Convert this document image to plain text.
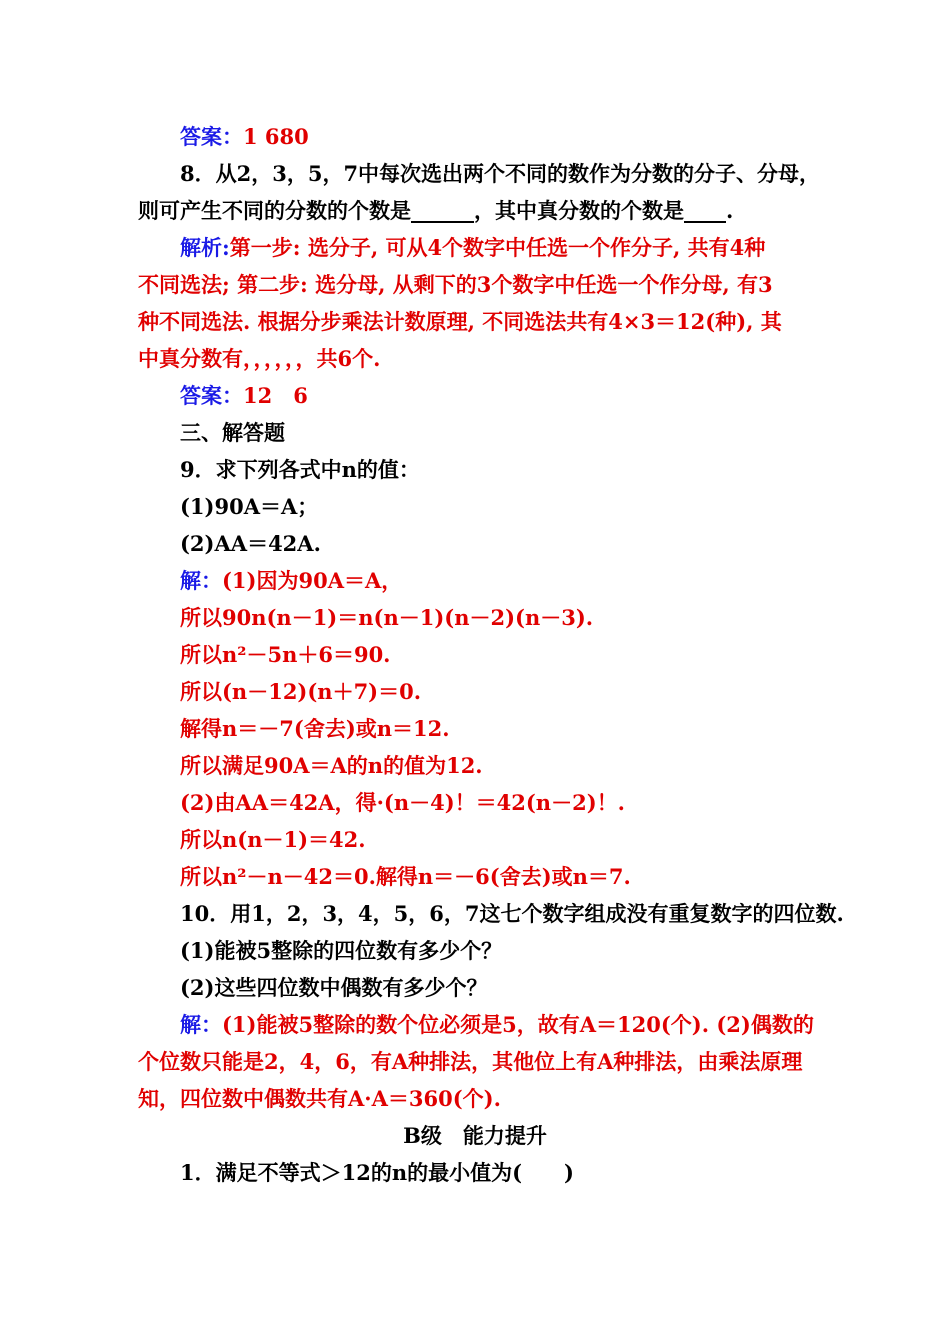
答案：1 680
8．从2，3，5，7中每次选出两个不同的数作为分数的分子、分母，
则可产生不同的分数的个数是______，其中真分数的个数是____.
解析:第一步: 选分子, 可从4个数字中任选一个作分子, 共有4种
不同选法; 第二步: 选分母, 从剩下的3个数字中任选一个作分母, 有3
种不同选法. 根据分步乘法计数原理, 不同选法共有4×3＝12(种), 其
中真分数有，，，，，，共6个.
答案：12　6
三、解答题
9．求下列各式中n的值：
(1)90A＝A；
(2)AA＝42A.
解：(1)因为90A＝A，
所以90n(n－1)＝n(n－1)(n－2)(n－3).
所以n²－5n＋6＝90.
所以(n－12)(n＋7)＝0.
解得n＝－7(舍去)或n＝12.
所以满足90A＝A的n的值为12.
(2)由AA＝42A，得·(n－4)！＝42(n－2)！.
所以n(n－1)＝42.
所以n²－n－42＝0.解得n＝－6(舍去)或n＝7.
10．用1，2，3，4，5，6，7这七个数字组成没有重复数字的四位数.
(1)能被5整除的四位数有多少个？
(2)这些四位数中偶数有多少个？
解：(1)能被5整除的数个位必须是5，故有A＝120(个). (2)偶数的
个位数只能是2，4，6，有A种排法，其他位上有A种排法，由乘法原理
知，四位数中偶数共有A·A＝360(个).
B级　能力提升
1．满足不等式＞12的n的最小值为(　　)
